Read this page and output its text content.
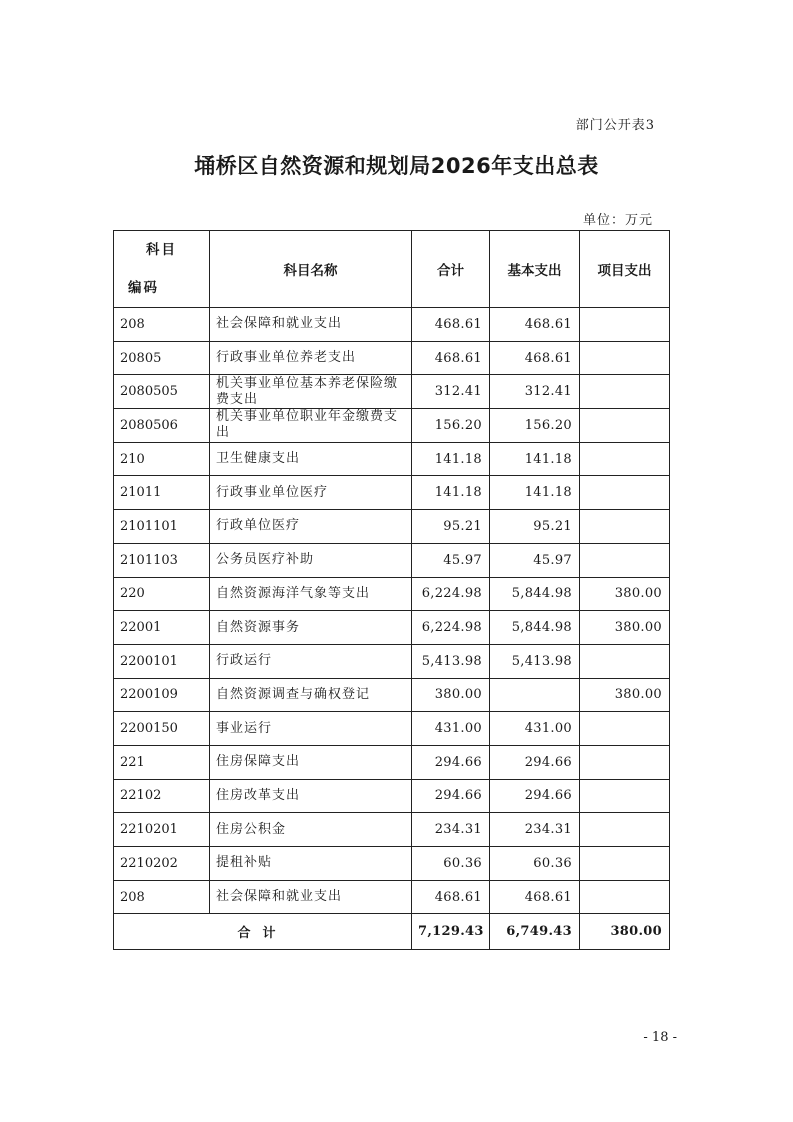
部门公开表3
埇桥区自然资源和规划局2026年支出总表
单位：万元
科目
编码	科目名称	合计	基本支出	项目支出
208	社会保障和就业支出	468.61	468.61	
20805	行政事业单位养老支出	468.61	468.61	
2080505	机关事业单位基本养老保险缴费支出	312.41	312.41	
2080506	机关事业单位职业年金缴费支出	156.20	156.20	
210	卫生健康支出	141.18	141.18	
21011	行政事业单位医疗	141.18	141.18	
2101101	行政单位医疗	95.21	95.21	
2101103	公务员医疗补助	45.97	45.97	
220	自然资源海洋气象等支出	6,224.98	5,844.98	380.00
22001	自然资源事务	6,224.98	5,844.98	380.00
2200101	行政运行	5,413.98	5,413.98	
2200109	自然资源调查与确权登记	380.00		380.00
2200150	事业运行	431.00	431.00	
221	住房保障支出	294.66	294.66	
22102	住房改革支出	294.66	294.66	
2210201	住房公积金	234.31	234.31	
2210202	提租补贴	60.36	60.36	
208	社会保障和就业支出	468.61	468.61	
合计		7,129.43	6,749.43	380.00
- 18 -
